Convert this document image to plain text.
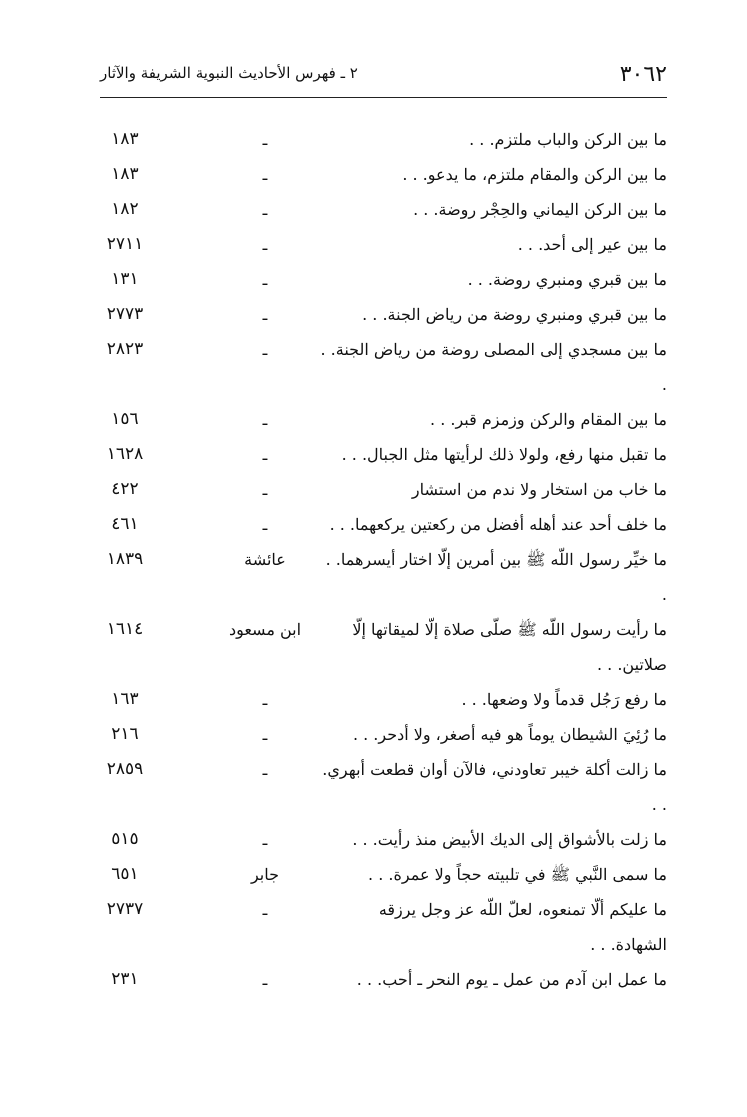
٣٠٦٢
٢ ـ فهرس الأحاديث النبوية الشريفة والآثار
ما بين الركن والباب ملتزم. . .
ـ
١٨٣
ما بين الركن والمقام ملتزم، ما يدعو. . .
ـ
١٨٣
ما بين الركن اليماني والحِجْر روضة. . .
ـ
١٨٢
ما بين عير إلى أحد. . .
ـ
٢٧١١
ما بين قبري ومنبري روضة. . .
ـ
١٣١
ما بين قبري ومنبري روضة من رياض الجنة. . .
ـ
٢٧٧٣
ما بين مسجدي إلى المصلى روضة من رياض الجنة. . .
ـ
٢٨٢٣
ما بين المقام والركن وزمزم قبر. . .
ـ
١٥٦
ما تقبل منها رفع، ولولا ذلك لرأيتها مثل الجبال. . .
ـ
١٦٢٨
ما خاب من استخار ولا ندم من استشار
ـ
٤٢٢
ما خلف أحد عند أهله أفضل من ركعتين يركعهما. . .
ـ
٤٦١
ما خيِّر رسول اللّه ﷺ بين أمرين إلّا اختار أيسرهما. . .
عائشة
١٨٣٩
ما رأيت رسول اللّه ﷺ صلّى صلاة إلّا لميقاتها إلّا صلاتين. . .
ابن مسعود
١٦١٤
ما رفع رَجُل قدماً ولا وضعها. . .
ـ
١٦٣
ما رُئِيَ الشيطان يوماً هو فيه أصغر، ولا أدحر. . .
ـ
٢١٦
ما زالت أكلة خيبر تعاودني، فالآن أوان قطعت أبهري. . .
ـ
٢٨٥٩
ما زلت بالأشواق إلى الديك الأبيض منذ رأيت. . .
ـ
٥١٥
ما سمى النَّبي ﷺ في تلبيته حجاً ولا عمرة. . .
جابر
٦٥١
ما عليكم ألّا تمنعوه، لعلّ اللّه عز وجل يرزقه الشهادة. . .
ـ
٢٧٣٧
ما عمل ابن آدم من عمل ـ يوم النحر ـ أحب. . .
ـ
٢٣١
